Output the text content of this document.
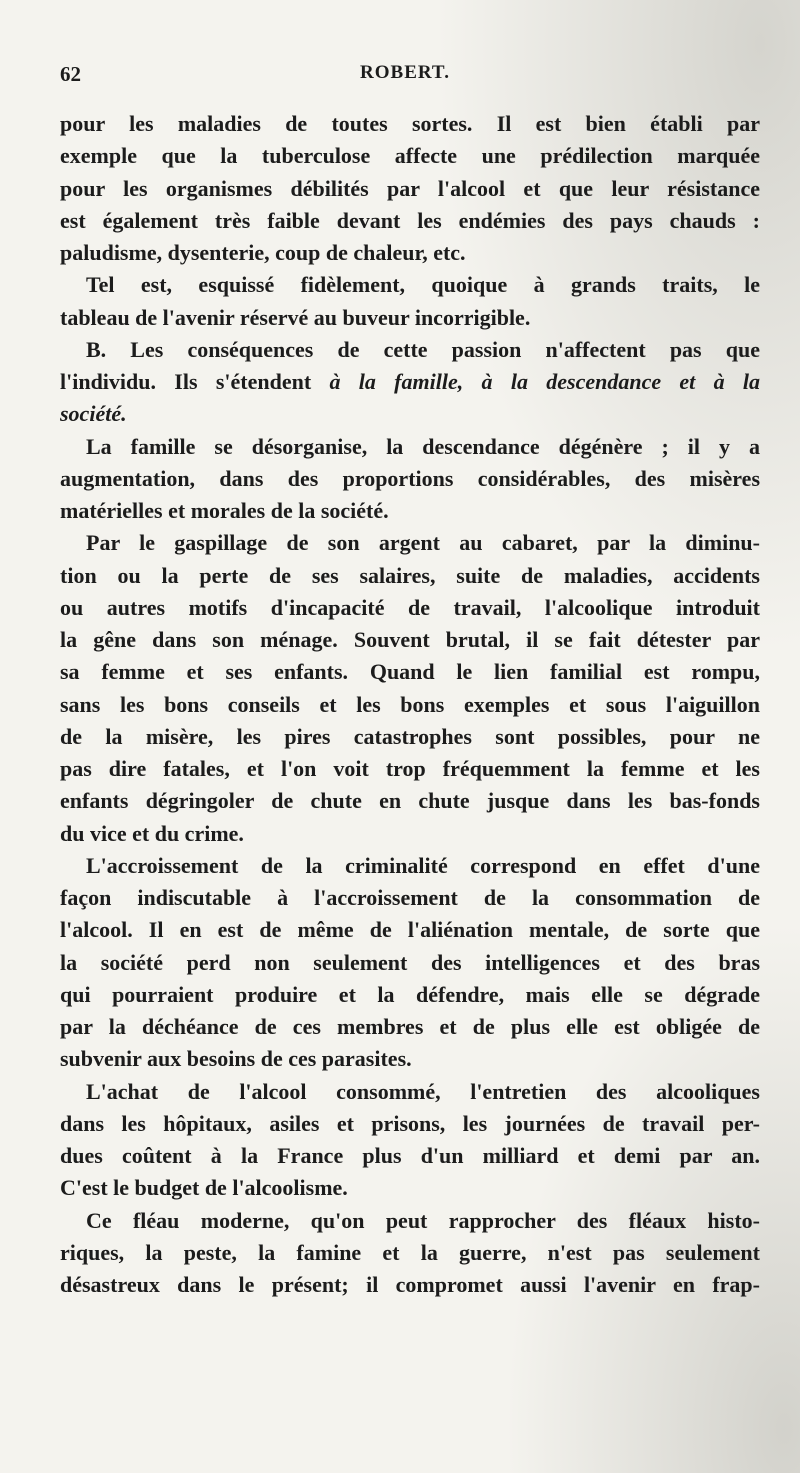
62	ROBERT.
pour les maladies de toutes sortes. Il est bien établi par
exemple que la tuberculose affecte une prédilection marquée
pour les organismes débilités par l'alcool et que leur résistance
est également très faible devant les endémies des pays chauds :
paludisme, dysenterie, coup de chaleur, etc.
Tel est, esquissé fidèlement, quoique à grands traits, le
tableau de l'avenir réservé au buveur incorrigible.
B. Les conséquences de cette passion n'affectent pas que
l'individu. Ils s'étendent à la famille, à la descendance et à la
société.
La famille se désorganise, la descendance dégénère ; il y a
augmentation, dans des proportions considérables, des misères
matérielles et morales de la société.
Par le gaspillage de son argent au cabaret, par la diminu-
tion ou la perte de ses salaires, suite de maladies, accidents
ou autres motifs d'incapacité de travail, l'alcoolique introduit
la gêne dans son ménage. Souvent brutal, il se fait détester par
sa femme et ses enfants. Quand le lien familial est rompu,
sans les bons conseils et les bons exemples et sous l'aiguillon
de la misère, les pires catastrophes sont possibles, pour ne
pas dire fatales, et l'on voit trop fréquemment la femme et les
enfants dégringoler de chute en chute jusque dans les bas-fonds
du vice et du crime.
L'accroissement de la criminalité correspond en effet d'une
façon indiscutable à l'accroissement de la consommation de
l'alcool. Il en est de même de l'aliénation mentale, de sorte que
la société perd non seulement des intelligences et des bras
qui pourraient produire et la défendre, mais elle se dégrade
par la déchéance de ces membres et de plus elle est obligée de
subvenir aux besoins de ces parasites.
L'achat de l'alcool consommé, l'entretien des alcooliques
dans les hôpitaux, asiles et prisons, les journées de travail per-
dues coûtent à la France plus d'un milliard et demi par an.
C'est le budget de l'alcoolisme.
Ce fléau moderne, qu'on peut rapprocher des fléaux histo-
riques, la peste, la famine et la guerre, n'est pas seulement
désastreux dans le présent; il compromet aussi l'avenir en frap-
